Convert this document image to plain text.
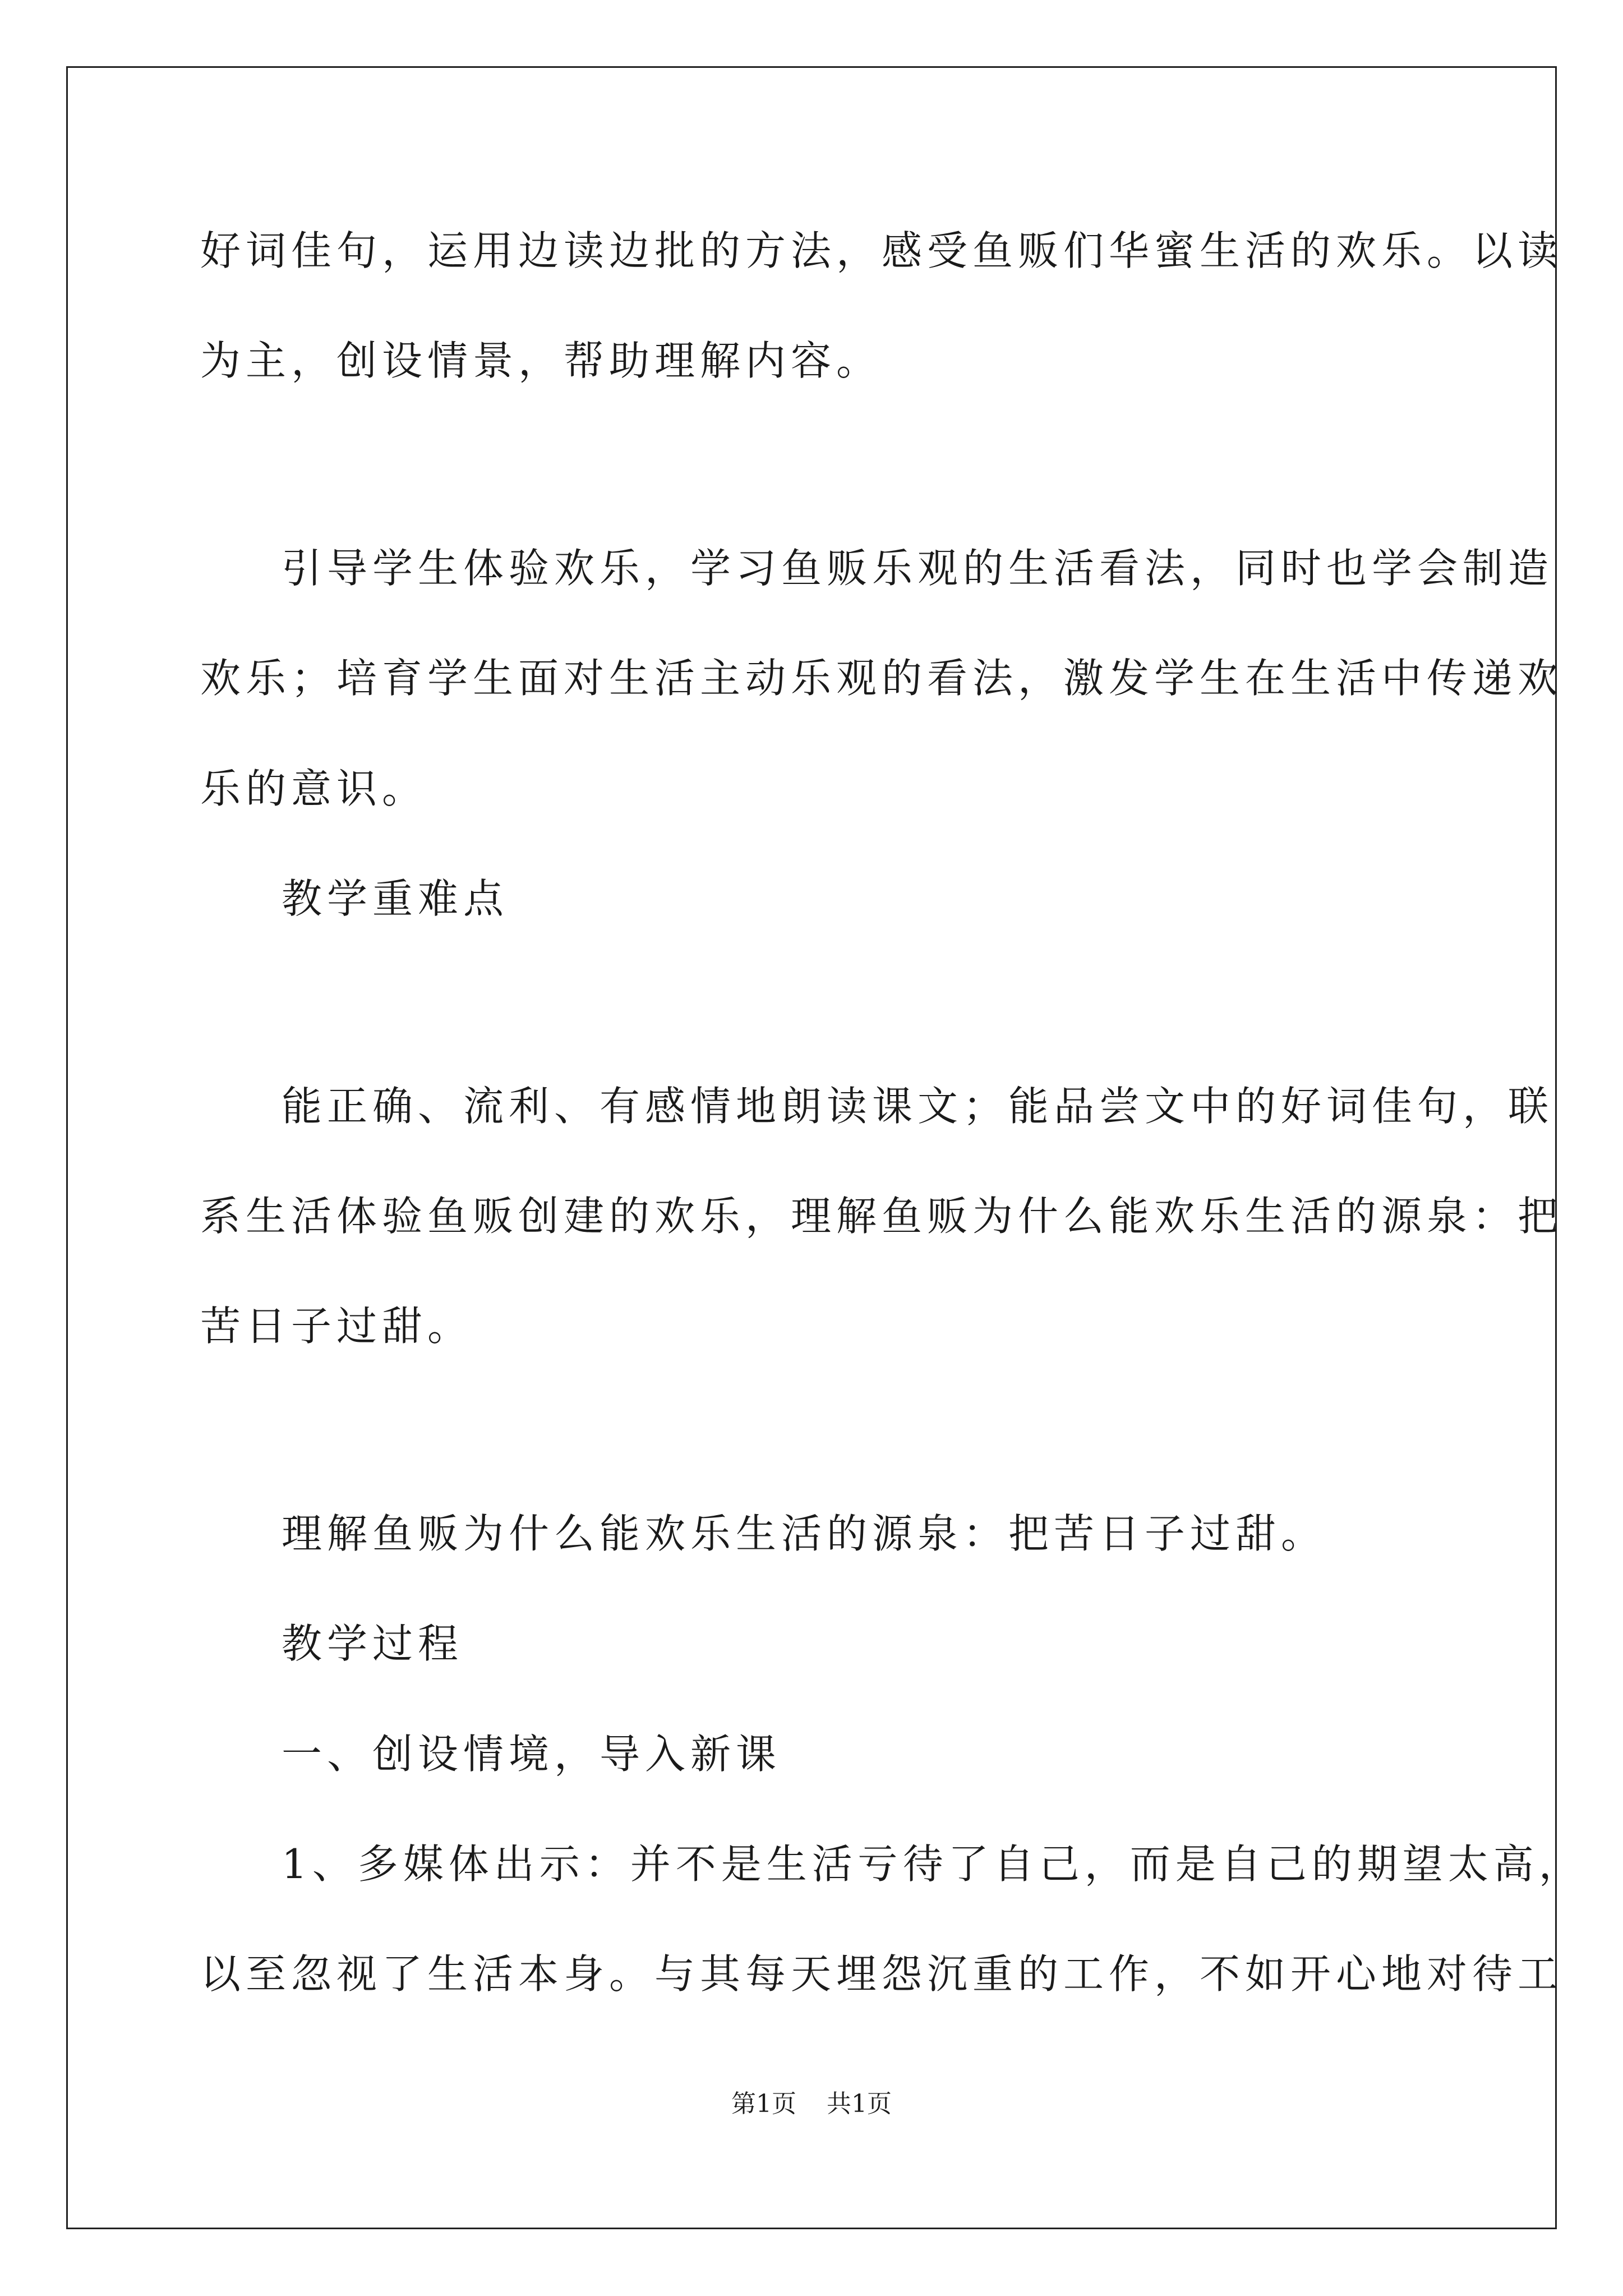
好词佳句，运用边读边批的方法，感受鱼贩们华蜜生活的欢乐。以读
为主，创设情景，帮助理解内容。
引导学生体验欢乐，学习鱼贩乐观的生活看法，同时也学会制造
欢乐；培育学生面对生活主动乐观的看法，激发学生在生活中传递欢
乐的意识。
教学重难点
能正确、流利、有感情地朗读课文；能品尝文中的好词佳句，联
系生活体验鱼贩创建的欢乐，理解鱼贩为什么能欢乐生活的源泉：把
苦日子过甜。
理解鱼贩为什么能欢乐生活的源泉：把苦日子过甜。
教学过程
一、创设情境，导入新课
1、多媒体出示：并不是生活亏待了自己，而是自己的期望太高，
以至忽视了生活本身。与其每天埋怨沉重的工作，不如开心地对待工
第1页 共1页
